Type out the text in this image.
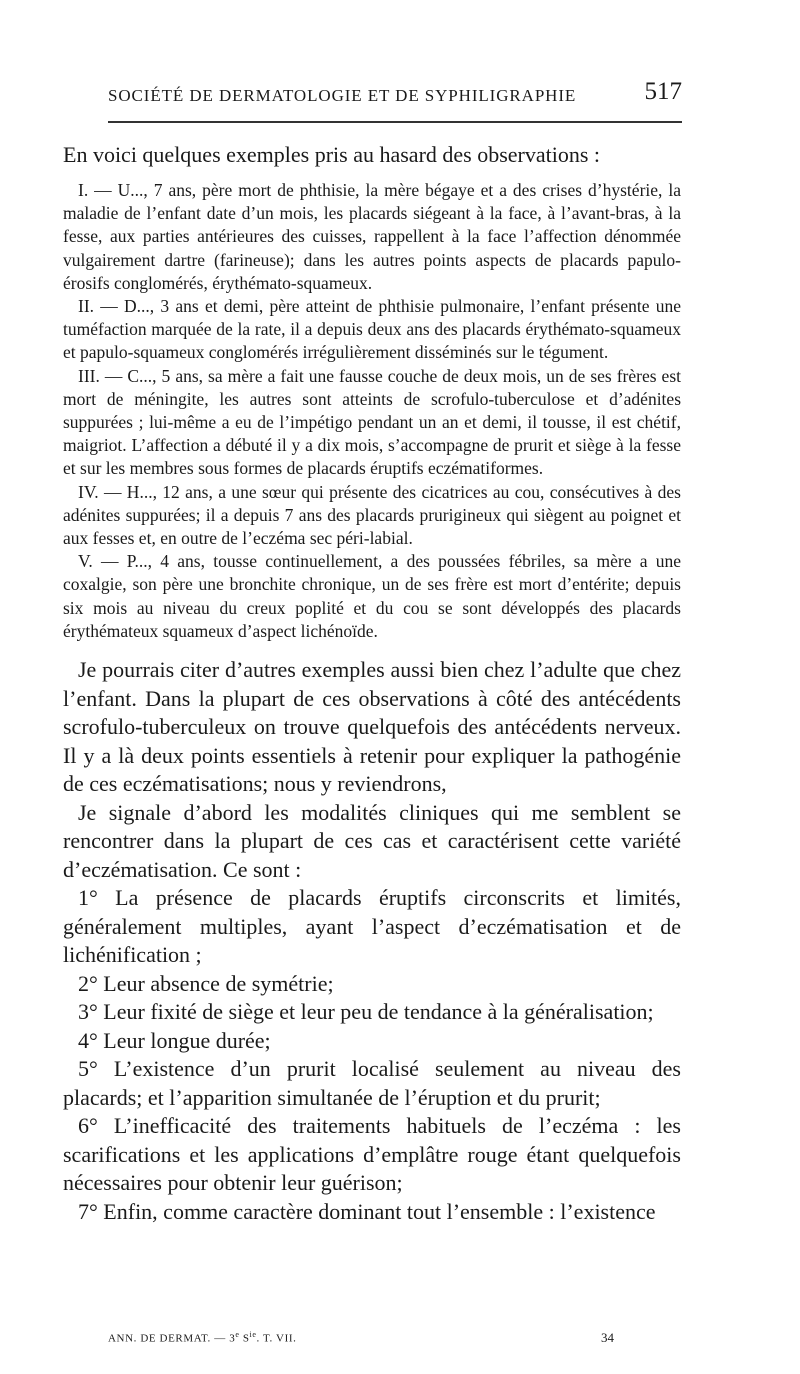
SOCIÉTÉ DE DERMATOLOGIE ET DE SYPHILIGRAPHIE	517

En voici quelques exemples pris au hasard des observations :

I. — U..., 7 ans, père mort de phthisie, la mère bégaye et a des crises d’hystérie, la maladie de l’enfant date d’un mois, les placards siégeant à la face, à l’avant-bras, à la fesse, aux parties antérieures des cuisses, rappellent à la face l’affection dénommée vulgairement dartre (farineuse); dans les autres points aspects de placards papulo-érosifs conglomérés, érythémato-squameux.

II. — D..., 3 ans et demi, père atteint de phthisie pulmonaire, l’enfant présente une tuméfaction marquée de la rate, il a depuis deux ans des placards érythémato-squameux et papulo-squameux conglomérés irrégulièrement disséminés sur le tégument.

III. — C..., 5 ans, sa mère a fait une fausse couche de deux mois, un de ses frères est mort de méningite, les autres sont atteints de scrofulo-tuberculose et d’adénites suppurées ; lui-même a eu de l’impétigo pendant un an et demi, il tousse, il est chétif, maigriot. L’affection a débuté il y a dix mois, s’accompagne de prurit et siège à la fesse et sur les membres sous formes de placards éruptifs eczématiformes.

IV. — H..., 12 ans, a une sœur qui présente des cicatrices au cou, consécutives à des adénites suppurées; il a depuis 7 ans des placards prurigineux qui siègent au poignet et aux fesses et, en outre de l’eczéma sec péri-labial.

V. — P..., 4 ans, tousse continuellement, a des poussées fébriles, sa mère a une coxalgie, son père une bronchite chronique, un de ses frère est mort d’entérite; depuis six mois au niveau du creux poplité et du cou se sont développés des placards érythémateux squameux d’aspect lichénoïde.

Je pourrais citer d’autres exemples aussi bien chez l’adulte que chez l’enfant. Dans la plupart de ces observations à côté des antécédents scrofulo-tuberculeux on trouve quelquefois des antécédents nerveux. Il y a là deux points essentiels à retenir pour expliquer la pathogénie de ces eczématisations; nous y reviendrons,

Je signale d’abord les modalités cliniques qui me semblent se rencontrer dans la plupart de ces cas et caractérisent cette variété d’eczématisation. Ce sont :

1° La présence de placards éruptifs circonscrits et limités, généralement multiples, ayant l’aspect d’eczématisation et de lichénification ;

2° Leur absence de symétrie;

3° Leur fixité de siège et leur peu de tendance à la généralisation;

4° Leur longue durée;

5° L’existence d’un prurit localisé seulement au niveau des placards; et l’apparition simultanée de l’éruption et du prurit;

6° L’inefficacité des traitements habituels de l’eczéma : les scarifications et les applications d’emplâtre rouge étant quelquefois nécessaires pour obtenir leur guérison;

7° Enfin, comme caractère dominant tout l’ensemble : l’existence

ANN. DE DERMAT. — 3e $S^{ie}$. T. VII.	34
